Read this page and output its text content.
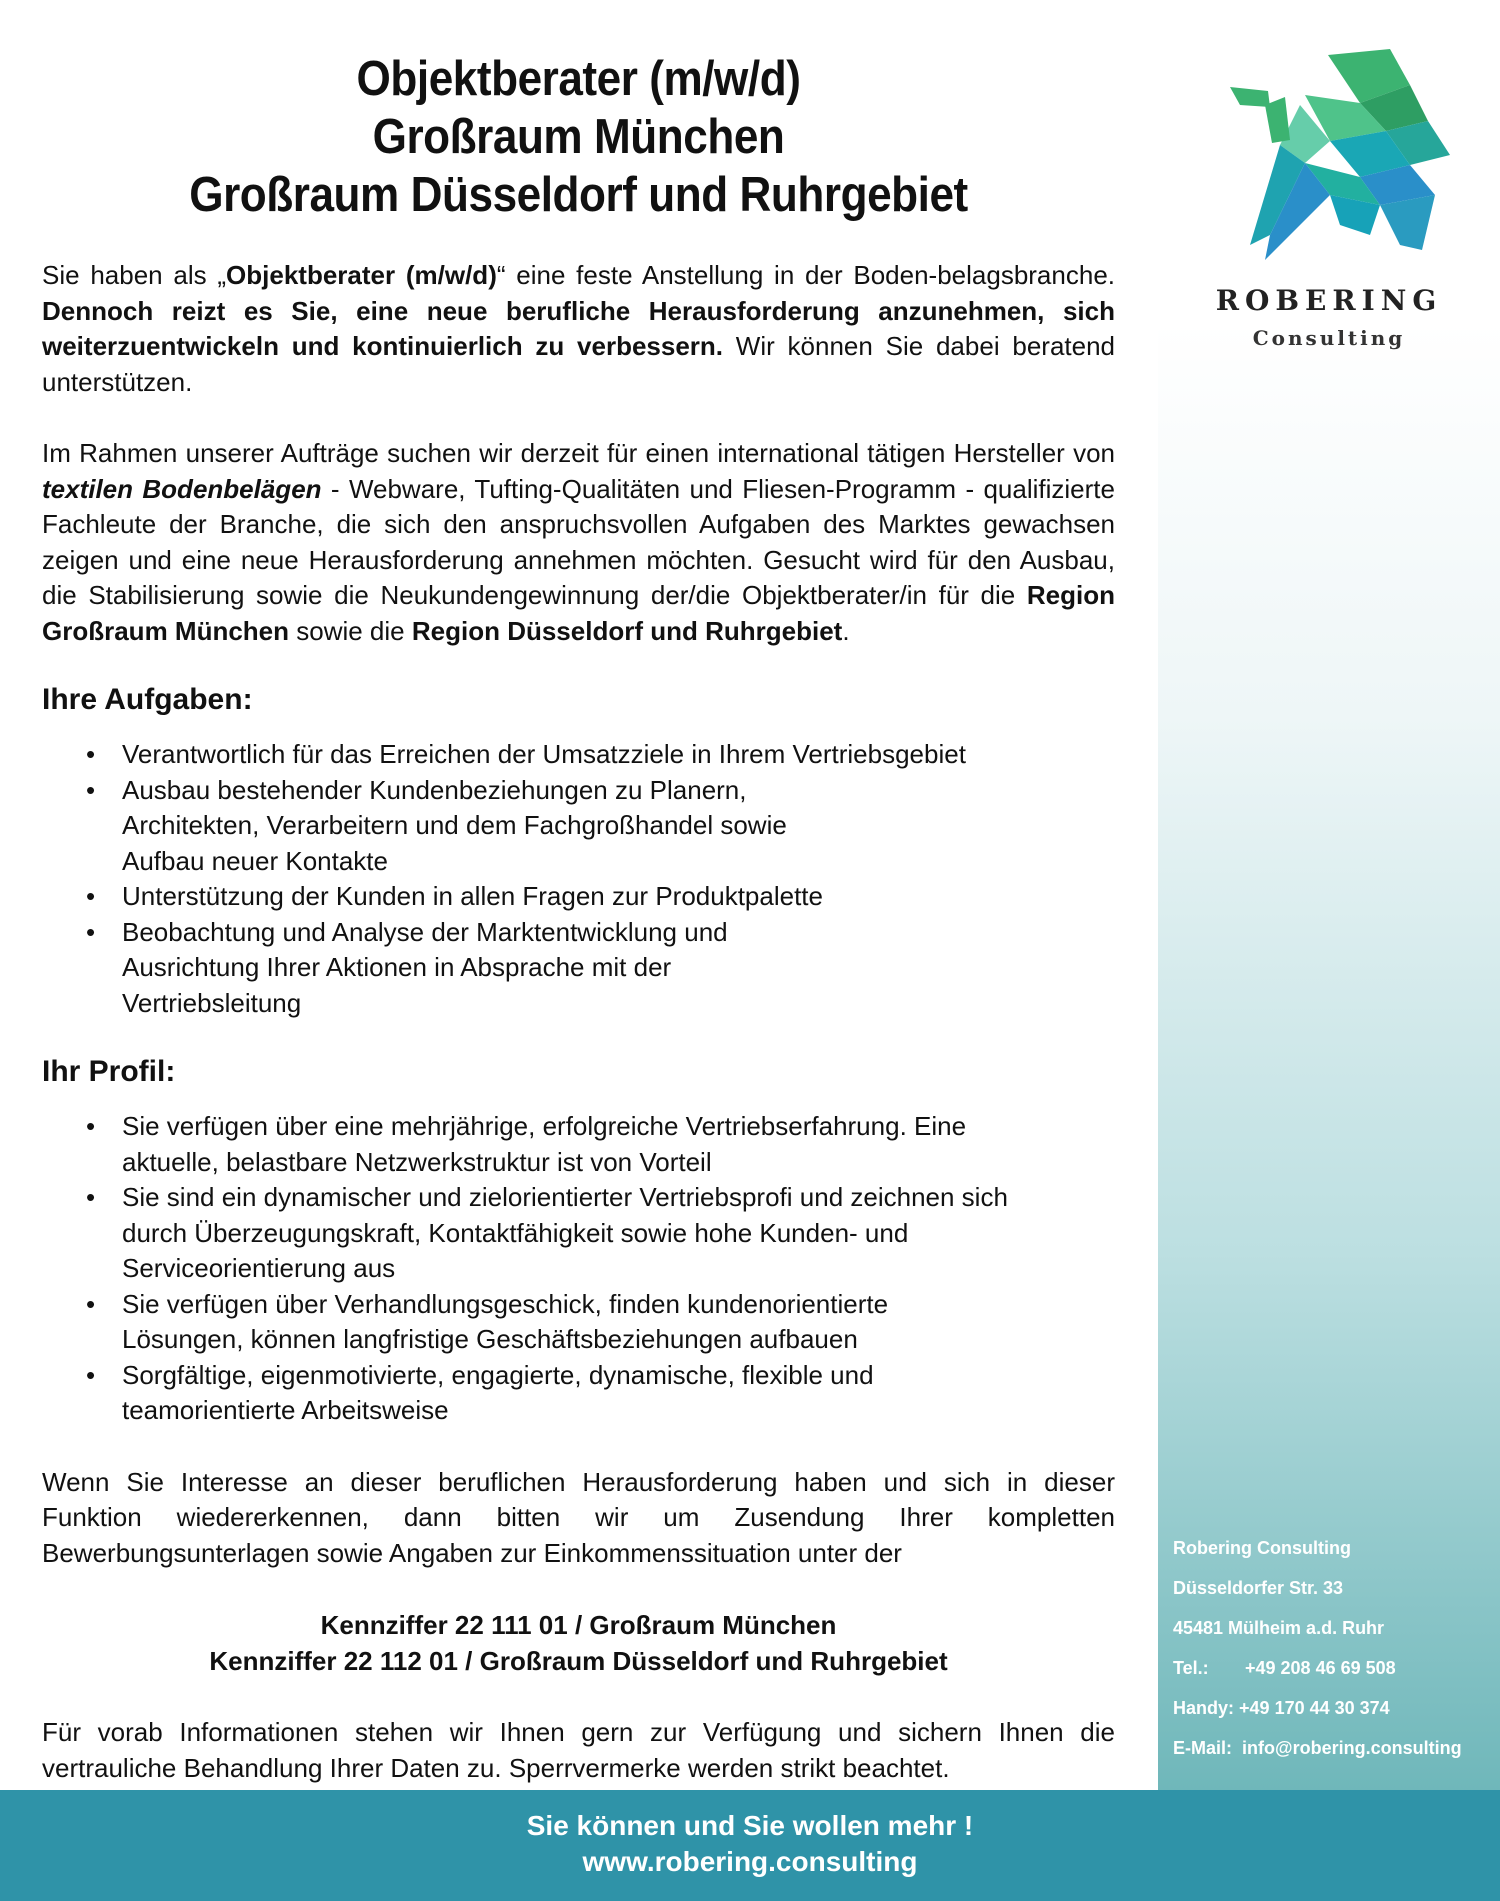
ROBERING
Consulting
Robering Consulting
Düsseldorfer Str. 33
45481 Mülheim a.d. Ruhr
Tel.: +49 208 46 69 508
Handy: +49 170 44 30 374
E-Mail: info@robering.consulting
Objektberater (m/w/d)
Großraum München
Großraum Düsseldorf und Ruhrgebiet

Sie haben als „Objektberater (m/w/d)“ eine feste Anstellung in der Boden-belagsbranche. Dennoch reizt es Sie, eine neue berufliche Herausforderung anzunehmen, sich weiterzuentwickeln und kontinuierlich zu verbessern. Wir können Sie dabei beratend unterstützen.

Im Rahmen unserer Aufträge suchen wir derzeit für einen international tätigen Hersteller von textilen Bodenbelägen - Webware, Tufting-Qualitäten und Fliesen-Programm - qualifizierte Fachleute der Branche, die sich den anspruchsvollen Aufgaben des Marktes gewachsen zeigen und eine neue Herausforderung annehmen möchten. Gesucht wird für den Ausbau, die Stabilisierung sowie die Neukundengewinnung der/die Objektberater/in für die Region Großraum München sowie die Region Düsseldorf und Ruhrgebiet.

Ihre Aufgaben:
• Verantwortlich für das Erreichen der Umsatzziele in Ihrem Vertriebsgebiet
• Ausbau bestehender Kundenbeziehungen zu Planern, Architekten, Verarbeitern und dem Fachgroßhandel sowie Aufbau neuer Kontakte
• Unterstützung der Kunden in allen Fragen zur Produktpalette
• Beobachtung und Analyse der Marktentwicklung und Ausrichtung Ihrer Aktionen in Absprache mit der Vertriebsleitung
Ihr Profil:
• Sie verfügen über eine mehrjährige, erfolgreiche Vertriebserfahrung. Eine aktuelle, belastbare Netzwerkstruktur ist von Vorteil
• Sie sind ein dynamischer und zielorientierter Vertriebsprofi und zeichnen sich durch Überzeugungskraft, Kontaktfähigkeit sowie hohe Kunden- und Serviceorientierung aus
• Sie verfügen über Verhandlungsgeschick, finden kundenorientierte Lösungen, können langfristige Geschäftsbeziehungen aufbauen
• Sorgfältige, eigenmotivierte, engagierte, dynamische, flexible und teamorientierte Arbeitsweise

Wenn Sie Interesse an dieser beruflichen Herausforderung haben und sich in dieser Funktion wiedererkennen, dann bitten wir um Zusendung Ihrer kompletten Bewerbungsunterlagen sowie Angaben zur Einkommenssituation unter der

Kennziffer 22 111 01 / Großraum München
Kennziffer 22 112 01 / Großraum Düsseldorf und Ruhrgebiet

Für vorab Informationen stehen wir Ihnen gern zur Verfügung und sichern Ihnen die vertrauliche Behandlung Ihrer Daten zu. Sperrvermerke werden strikt beachtet.

Sie können und Sie wollen mehr !
www.robering.consulting
